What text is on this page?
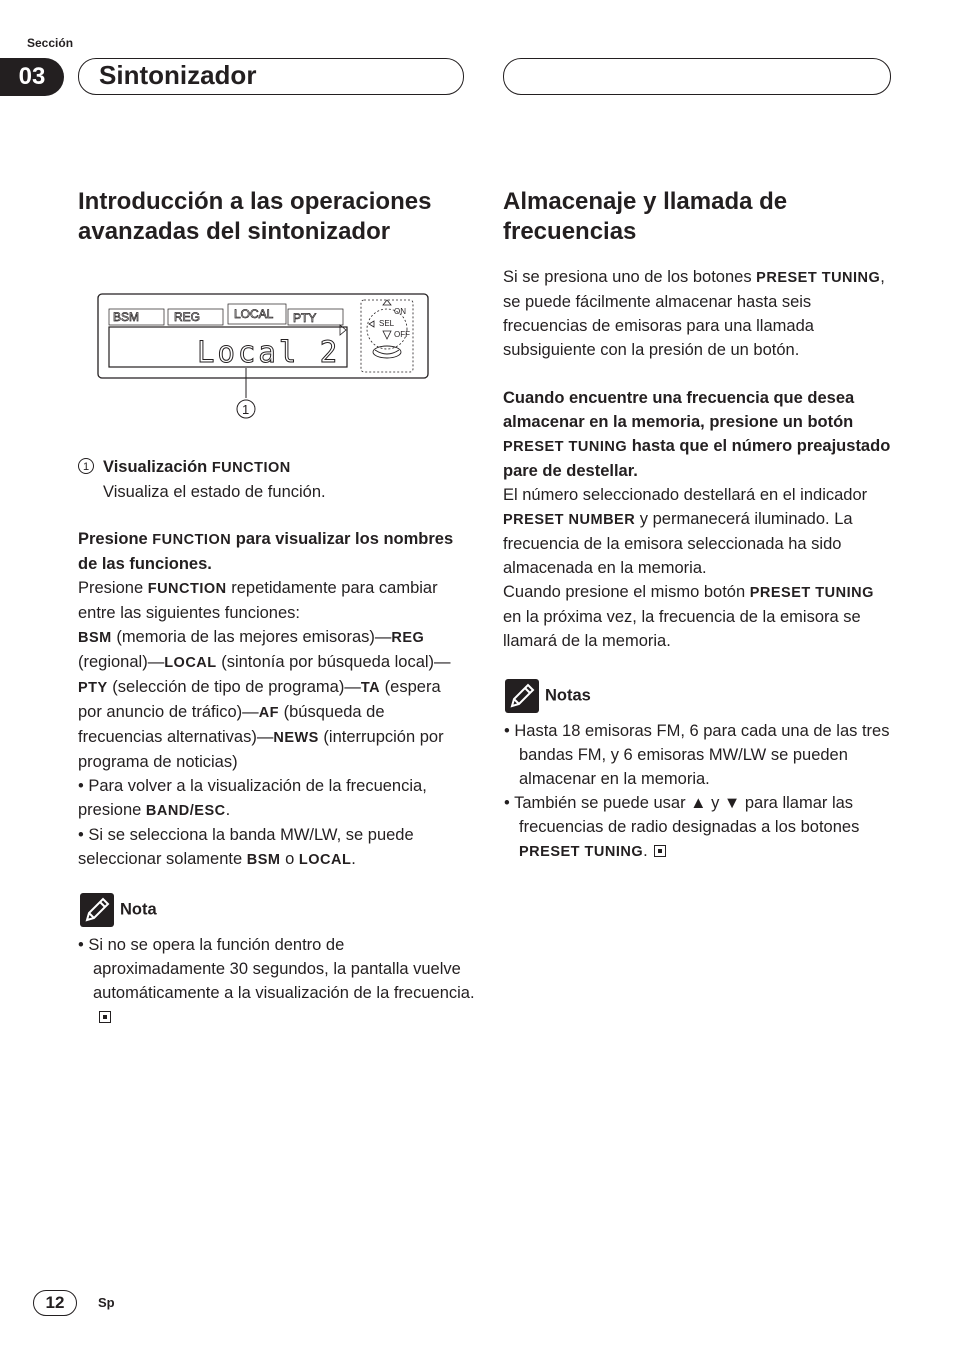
Sección
03	Sintonizador
Introducción a las operaciones avanzadas del sintonizador
BSM	REG	LOCAL PTY
Local 2
ON
SEL
OFF
1
1 Visualización FUNCTION
Visualiza el estado de función.

Presione FUNCTION para visualizar los nombres de las funciones.

Presione FUNCTION repetidamente para cambiar entre las siguientes funciones:
BSM (memoria de las mejores emisoras)—REG (regional)—LOCAL (sintonía por búsqueda local)—PTY (selección de tipo de programa)—TA (espera por anuncio de tráfico)—AF (búsqueda de frecuencias alternativas)—NEWS (interrupción por programa de noticias)

• Para volver a la visualización de la frecuencia, presione BAND/ESC.

• Si se selecciona la banda MW/LW, se puede seleccionar solamente BSM o LOCAL.

Nota
• Si no se opera la función dentro de aproximadamente 30 segundos, la pantalla vuelve automáticamente a la visualización de la frecuencia.
Almacenaje y llamada de frecuencias

Si se presiona uno de los botones PRESET TUNING, se puede fácilmente almacenar hasta seis frecuencias de emisoras para una llamada subsiguiente con la presión de un botón.

Cuando encuentre una frecuencia que desea almacenar en la memoria, presione un botón PRESET TUNING hasta que el número preajustado pare de destellar.

El número seleccionado destellará en el indicador PRESET NUMBER y permanecerá iluminado. La frecuencia de la emisora seleccionada ha sido almacenada en la memoria.

Cuando presione el mismo botón PRESET TUNING en la próxima vez, la frecuencia de la emisora se llamará de la memoria.

Notas

• Hasta 18 emisoras FM, 6 para cada una de las tres bandas FM, y 6 emisoras MW/LW se pueden almacenar en la memoria.

• También se puede usar ▲ y ▼ para llamar las frecuencias de radio designadas a los botones PRESET TUNING.

12	Sp
